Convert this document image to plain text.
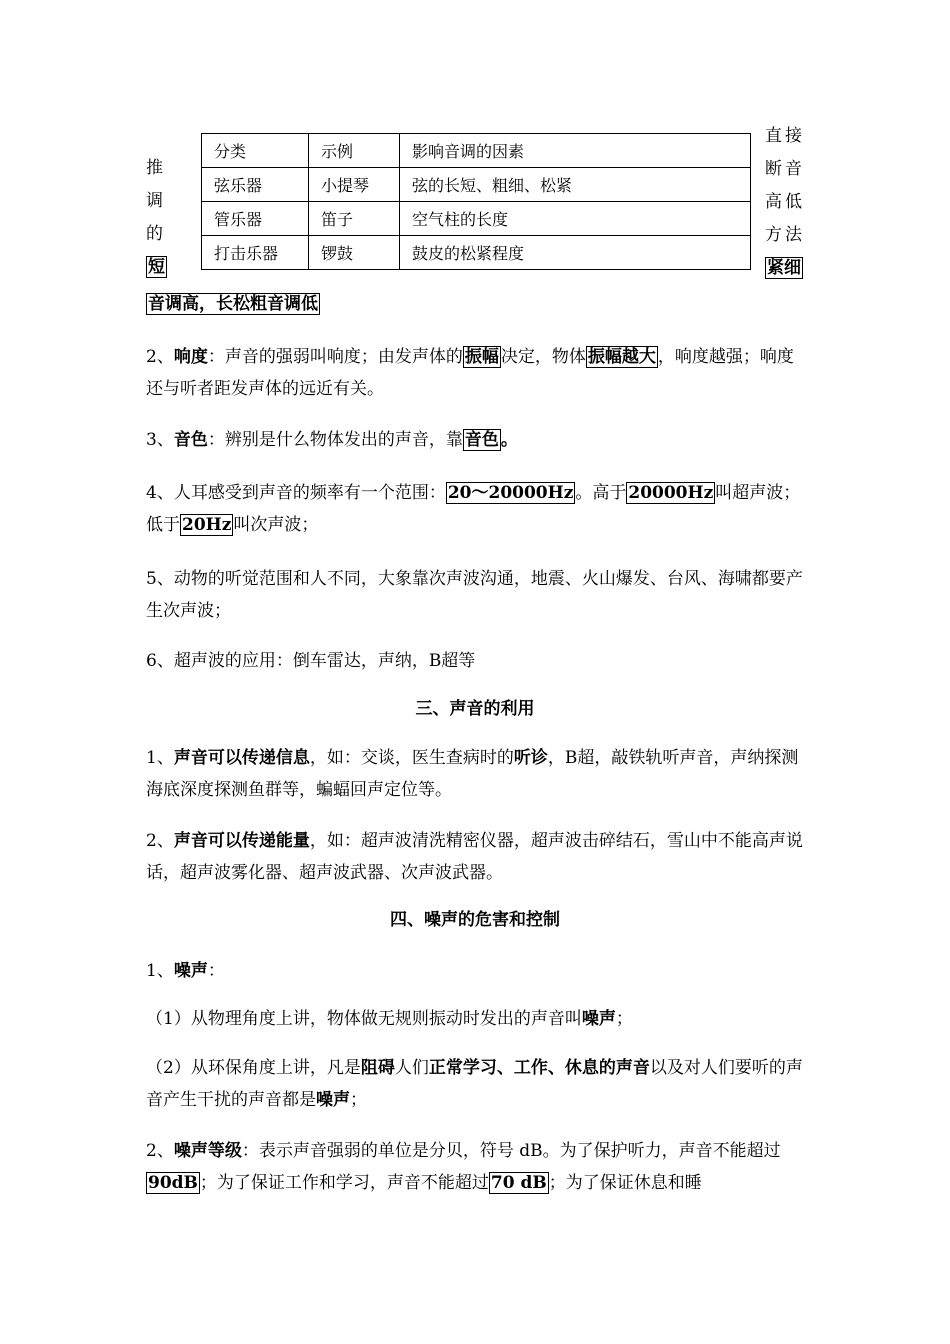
推
调
的
短
直接
断音
高低
方法
紧细
分类	示例	影响音调的因素
弦乐器	小提琴	弦的长短、粗细、松紧
管乐器	笛子	空气柱的长度
打击乐器	锣鼓	鼓皮的松紧程度

音调高，长松粗音调低

2、响度：声音的强弱叫响度；由发声体的 振幅 决定，物体 振幅越大 ，响度越强；响度还与听者距发声体的远近有关。

3、音色：辨别是什么物体发出的声音，靠 音色 。

4、人耳感受到声音的频率有一个范围： 20～20000Hz 。高于 20000Hz 叫超声波；低于 20Hz 叫次声波；

5、动物的听觉范围和人不同，大象靠次声波沟通，地震、火山爆发、台风、海啸都要产生次声波；

6、超声波的应用：倒车雷达，声纳，B超等

三、声音的利用

1、声音可以传递信息，如：交谈，医生查病时的听诊，B超，敲铁轨听声音，声纳探测海底深度探测鱼群等，蝙蝠回声定位等。

2、声音可以传递能量，如：超声波清洗精密仪器，超声波击碎结石，雪山中不能高声说话，超声波雾化器、超声波武器、次声波武器。

四、噪声的危害和控制

1、噪声：

（1）从物理角度上讲，物体做无规则振动时发出的声音叫噪声；

（2）从环保角度上讲，凡是阻碍人们正常学习、工作、休息的声音以及对人们要听的声音产生干扰的声音都是噪声；

2、噪声等级：表示声音强弱的单位是分贝，符号 dB。为了保护听力，声音不能超过90dB ；为了保证工作和学习，声音不能超过 70 dB ；为了保证休息和睡
